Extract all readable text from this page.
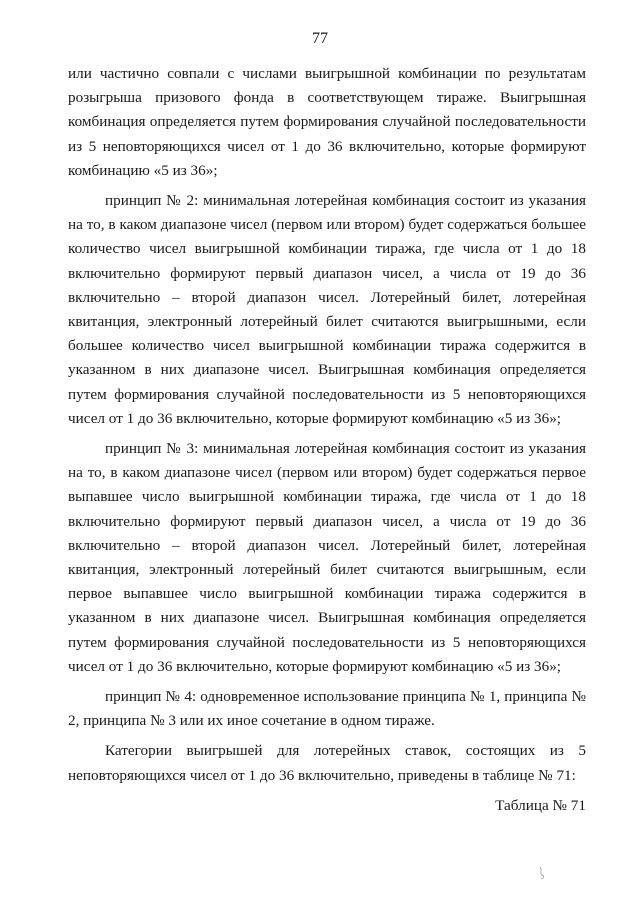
77

или частично совпали с числами выигрышной комбинации по результатам розыгрыша призового фонда в соответствующем тираже. Выигрышная комбинация определяется путем формирования случайной последовательности из 5 неповторяющихся чисел от 1 до 36 включительно, которые формируют комбинацию «5 из 36»;

принцип № 2: минимальная лотерейная комбинация состоит из указания на то, в каком диапазоне чисел (первом или втором) будет содержаться большее количество чисел выигрышной комбинации тиража, где числа от 1 до 18 включительно формируют первый диапазон чисел, а числа от 19 до 36 включительно – второй диапазон чисел. Лотерейный билет, лотерейная квитанция, электронный лотерейный билет считаются выигрышными, если большее количество чисел выигрышной комбинации тиража содержится в указанном в них диапазоне чисел. Выигрышная комбинация определяется путем формирования случайной последовательности из 5 неповторяющихся чисел от 1 до 36 включительно, которые формируют комбинацию «5 из 36»;

принцип № 3: минимальная лотерейная комбинация состоит из указания на то, в каком диапазоне чисел (первом или втором) будет содержаться первое выпавшее число выигрышной комбинации тиража, где числа от 1 до 18 включительно формируют первый диапазон чисел, а числа от 19 до 36 включительно – второй диапазон чисел. Лотерейный билет, лотерейная квитанция, электронный лотерейный билет считаются выигрышным, если первое выпавшее число выигрышной комбинации тиража содержится в указанном в них диапазоне чисел. Выигрышная комбинация определяется путем формирования случайной последовательности из 5 неповторяющихся чисел от 1 до 36 включительно, которые формируют комбинацию «5 из 36»;

принцип № 4: одновременное использование принципа № 1, принципа № 2, принципа № 3 или их иное сочетание в одном тираже.

Категории выигрышей для лотерейных ставок, состоящих из 5 неповторяющихся чисел от 1 до 36 включительно, приведены в таблице № 71:

Таблица № 71
